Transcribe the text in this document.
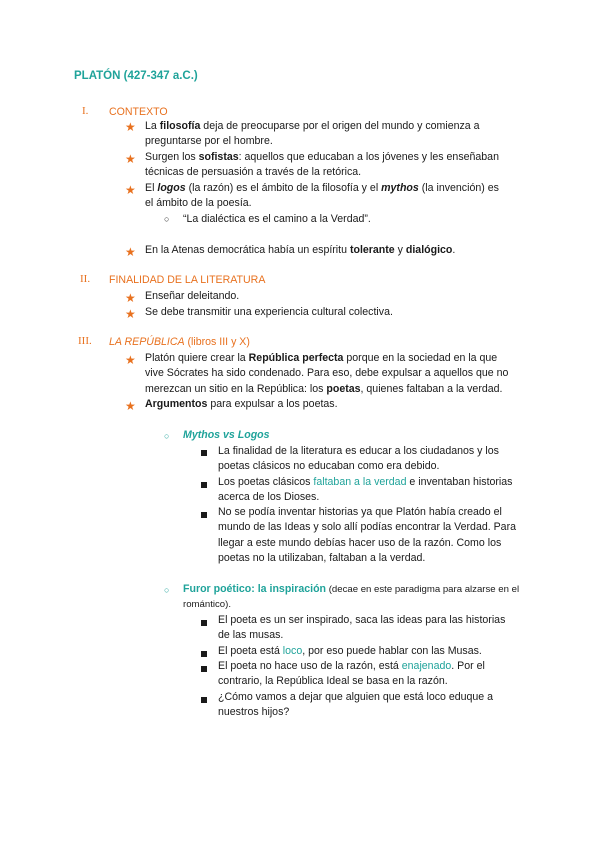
PLATÓN (427-347 a.C.)
I. CONTEXTO
★ La filosofía deja de preocuparse por el origen del mundo y comienza a preguntarse por el hombre.
★ Surgen los sofistas: aquellos que educaban a los jóvenes y les enseñaban técnicas de persuasión a través de la retórica.
★ El logos (la razón) es el ámbito de la filosofía y el mythos (la invención) es el ámbito de la poesía.
○ “La dialéctica es el camino a la Verdad”.
★ En la Atenas democrática había un espíritu tolerante y dialógico.
II. FINALIDAD DE LA LITERATURA
★ Enseñar deleitando.
★ Se debe transmitir una experiencia cultural colectiva.
III. LA REPÚBLICA (libros III y X)
★ Platón quiere crear la República perfecta porque en la sociedad en la que vive Sócrates ha sido condenado. Para eso, debe expulsar a aquellos que no merezcan un sitio en la República: los poetas, quienes faltaban a la verdad.
★ Argumentos para expulsar a los poetas.
○ Mythos vs Logos
La finalidad de la literatura es educar a los ciudadanos y los poetas clásicos no educaban como era debido.
Los poetas clásicos faltaban a la verdad e inventaban historias acerca de los Dioses.
No se podía inventar historias ya que Platón había creado el mundo de las Ideas y solo allí podías encontrar la Verdad. Para llegar a este mundo debías hacer uso de la razón. Como los poetas no la utilizaban, faltaban a la verdad.
○ Furor poético: la inspiración (decae en este paradigma para alzarse en el romántico).
El poeta es un ser inspirado, saca las ideas para las historias de las musas.
El poeta está loco, por eso puede hablar con las Musas.
El poeta no hace uso de la razón, está enajenado. Por el contrario, la República Ideal se basa en la razón.
¿Cómo vamos a dejar que alguien que está loco eduque a nuestros hijos?
